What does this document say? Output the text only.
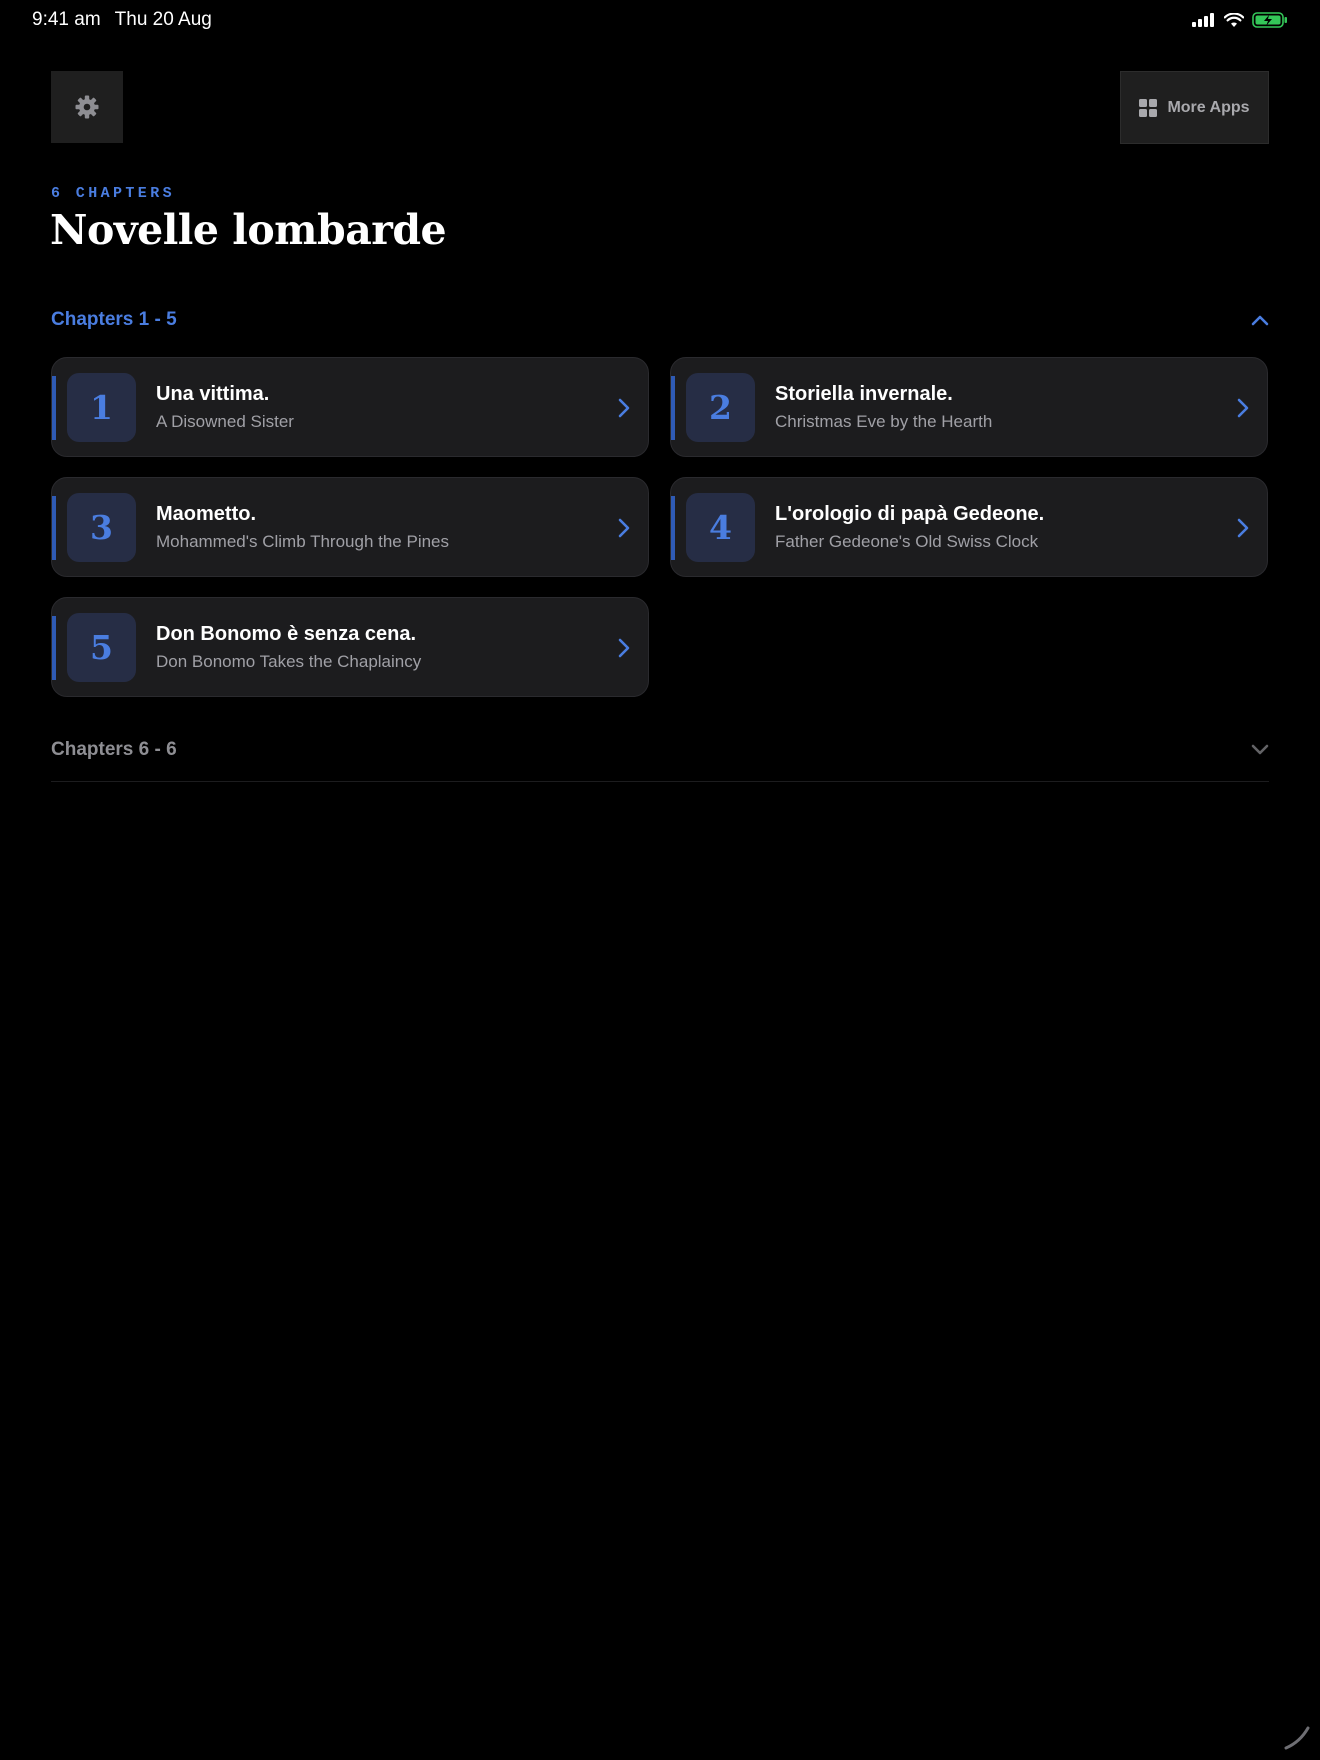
9:41 am Thu 20 Aug
More Apps
6 CHAPTERS
Novelle lombarde
Chapters 1 - 5
1	Una vittima.
A Disowned Sister	2	Storiella invernale.
Christmas Eve by the Hearth
3	Maometto.
Mohammed's Climb Through the Pines	4	L'orologio di papà Gedeone.
Father Gedeone's Old Swiss Clock
5	Don Bonomo è senza cena.
Don Bonomo Takes the Chaplaincy
Chapters 6 - 6
